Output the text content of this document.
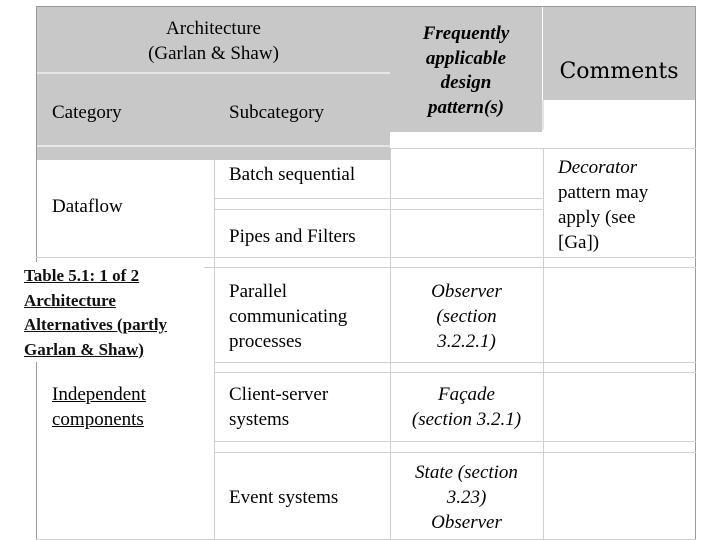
Architecture
(Garlan & Shaw)
Category	Subcategory
Frequently
applicable
design
pattern(s)
Comments
Dataflow
Batch sequential
Pipes and Filters
Decorator
pattern may
apply (see
[Ga])
Parallel
communicating
processes
Observer
(section
3.2.2.1)
Independent
components
Client-server
systems
Façade
(section 3.2.1)
Event systems
State (section
3.23)
Observer
Table 5.1: 1 of 2
Architecture
Alternatives (partly
Garlan & Shaw)
